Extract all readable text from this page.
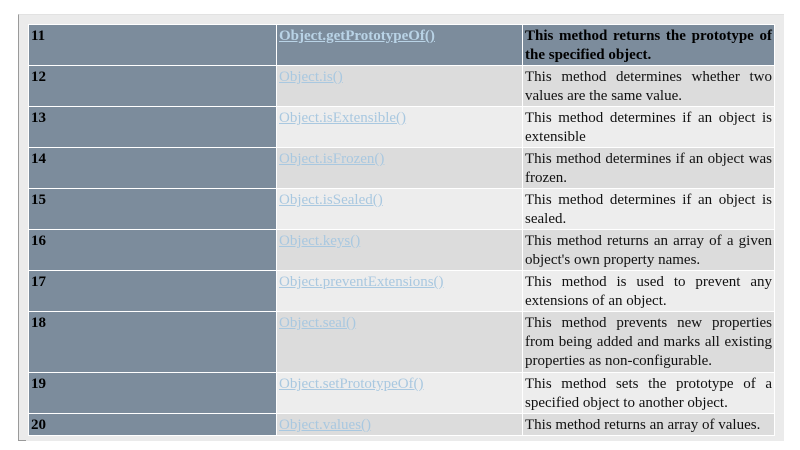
11	Object.getPrototypeOf()	This method returns the prototype of the specified object.
12	Object.is()	This method determines whether two values are the same value.
13	Object.isExtensible()	This method determines if an object is extensible
14	Object.isFrozen()	This method determines if an object was frozen.
15	Object.isSealed()	This method determines if an object is sealed.
16	Object.keys()	This method returns an array of a given object's own property names.
17	Object.preventExtensions()	This method is used to prevent any extensions of an object.
18	Object.seal()	This method prevents new properties from being added and marks all existing properties as non-configurable.
19	Object.setPrototypeOf()	This method sets the prototype of a specified object to another object.
20	Object.values()	This method returns an array of values.
